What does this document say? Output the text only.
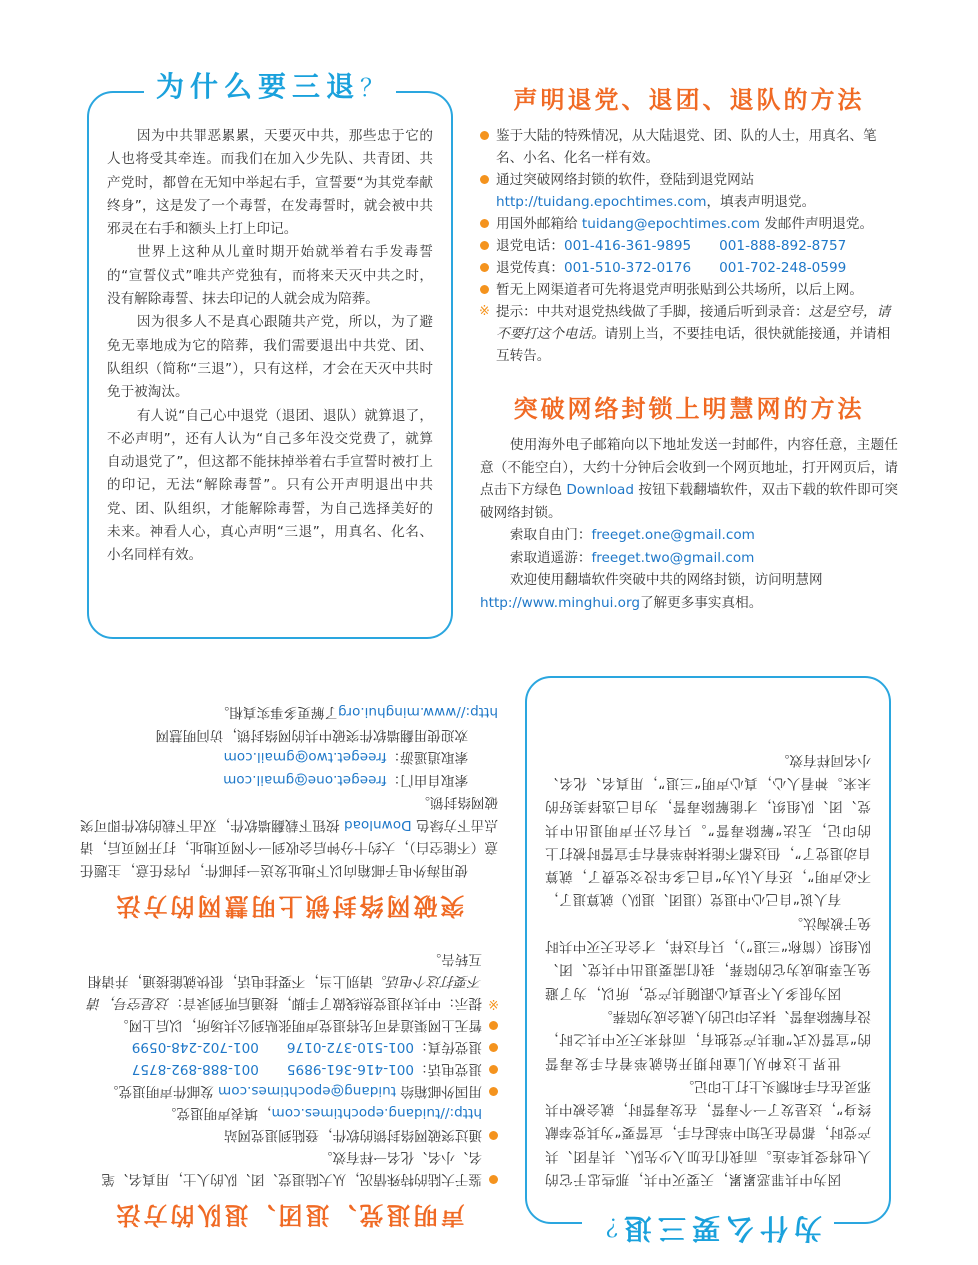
为什么要三退？

因为中共罪恶累累，天要灭中共，那些忠于它的人也将受其牵连。而我们在加入少先队、共青团、共产党时，都曾在无知中举起右手，宣誓要“为其党奉献终身”，这是发了一个毒誓，在发毒誓时，就会被中共邪灵在右手和额头上打上印记。

世界上这种从儿童时期开始就举着右手发毒誓的“宣誓仪式”唯共产党独有，而将来天灭中共之时，没有解除毒誓、抹去印记的人就会成为陪葬。

因为很多人不是真心跟随共产党，所以，为了避免无辜地成为它的陪葬，我们需要退出中共党、团、队组织（简称“三退”），只有这样，才会在天灭中共时免于被淘汰。

有人说“自己心中退党（退团、退队）就算退了，不必声明”，还有人认为“自己多年没交党费了，就算自动退党了”，但这都不能抹掉举着右手宣誓时被打上的印记，无法“解除毒誓”。只有公开声明退出中共党、团、队组织，才能解除毒誓，为自己选择美好的未来。神看人心，真心声明“三退”，用真名、化名、小名同样有效。

声明退党、退团、退队的方法
鉴于大陆的特殊情况，从大陆退党、团、队的人士，用真名、笔名、小名、化名一样有效。
通过突破网络封锁的软件，登陆到退党网站
http://tuidang.epochtimes.com，填表声明退党。
用国外邮箱给 tuidang@epochtimes.com 发邮件声明退党。
退党电话：001-416-361-9895 001-888-892-8757
退党传真：001-510-372-0176 001-702-248-0599
暂无上网渠道者可先将退党声明张贴到公共场所，以后上网。
※ 提示：中共对退党热线做了手脚，接通后听到录音：这是空号，请不要打这个电话。请别上当，不要挂电话，很快就能接通，并请相互转告。
突破网络封锁上明慧网的方法

使用海外电子邮箱向以下地址发送一封邮件，内容任意，主题任意（不能空白），大约十分钟后会收到一个网页地址，打开网页后，请点击下方绿色 Download 按钮下载翻墙软件，双击下载的软件即可突破网络封锁。

索取自由门：freeget.one@gmail.com

索取逍遥游：freeget.two@gmail.com

欢迎使用翻墙软件突破中共的网络封锁，访问明慧网
http://www.minghui.org了解更多事实真相。

为什么要三退？

因为中共罪恶累累，天要灭中共，那些忠于它的人也将受其牵连。而我们在加入少先队、共青团、共产党时，都曾在无知中举起右手，宣誓要“为其党奉献终身”，这是发了一个毒誓，在发毒誓时，就会被中共邪灵在右手和额头上打上印记。

世界上这种从儿童时期开始就举着右手发毒誓的“宣誓仪式”唯共产党独有，而将来天灭中共之时，没有解除毒誓、抹去印记的人就会成为陪葬。

因为很多人不是真心跟随共产党，所以，为了避免无辜地成为它的陪葬，我们需要退出中共党、团、队组织（简称“三退”），只有这样，才会在天灭中共时免于被淘汰。

有人说“自己心中退党（退团、退队）就算退了，不必声明”，还有人认为“自己多年没交党费了，就算自动退党了”，但这都不能抹掉举着右手宣誓时被打上的印记，无法“解除毒誓”。只有公开声明退出中共党、团、队组织，才能解除毒誓，为自己选择美好的未来。神看人心，真心声明“三退”，用真名、化名、小名同样有效。

声明退党、退团、退队的方法
鉴于大陆的特殊情况，从大陆退党、团、队的人士，用真名、笔名、小名、化名一样有效。
通过突破网络封锁的软件，登陆到退党网站
http://tuidang.epochtimes.com，填表声明退党。
用国外邮箱给 tuidang@epochtimes.com 发邮件声明退党。
退党电话：001-416-361-9895001-888-892-8757
退党传真：001-510-372-0176001-702-248-0599
暂无上网渠道者可先将退党声明张贴到公共场所，以后上网。
※
提示：中共对退党热线做了手脚，接通后听到录音：这是空号，请不要打这个电话。请别上当，不要挂电话，很快就能接通，并请相互转告。
突破网络封锁上明慧网的方法

使用海外电子邮箱向以下地址发送一封邮件，内容任意，主题任意（不能空白），大约十分钟后会收到一个网页地址，打开网页后，请点击下方绿色 Download 按钮下载翻墙软件，双击下载的软件即可突破网络封锁。

索取自由门：freeget.one@gmail.com

索取逍遥游：freeget.two@gmail.com

欢迎使用翻墙软件突破中共的网络封锁，访问明慧网
http://www.minghui.org了解更多事实真相。
